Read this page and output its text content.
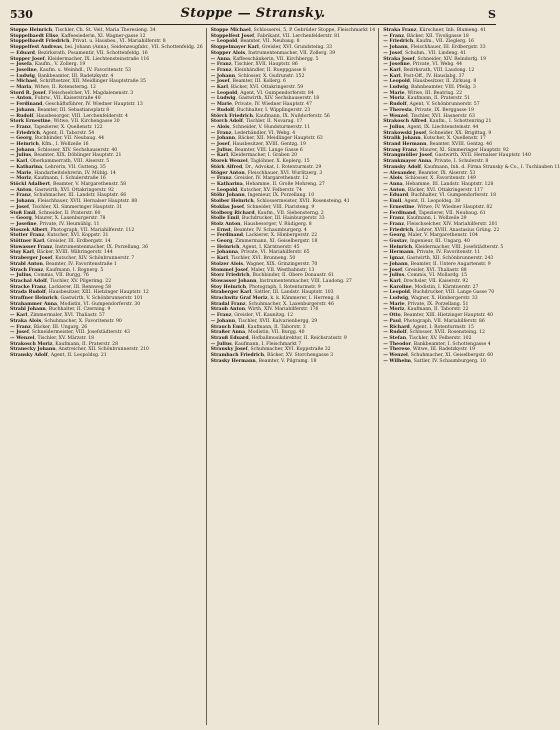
530	Stoppe — Stransky.	S
Stoppe Heinrich, Tischler, Ch. St. Veit, Maria Theresieng. 34
Stoppelbaedt Elise, Kaffeesiederin, XI. Wagner-gasse 12
Stoppelbaedt Friedrich, Privat. u. Hausbes., VI. Mariahilferstr. 8
Stoppelfest Andreas, bei. Johann (Anna), Seidenzeugfabr., VII. Schottenfeldg. 26
— Eduard, Bezirksrath, Posamentir, VII. Schottenfeldg. 16
Stopper Josef, Kleidermacher, IX. Liechtensteinstraße 116
— Josefa, Kaufm., V. Zollerg. 19
— Joseline, Kaufm. u. Weinhdl., IV. Favoritenstr. 53
— Ludwig, Bankbeamter, III. Radetzkystr. 4
— Michael, Schriftsetzer, XII. Meidlinger Hauptstraße 35
— Maria, Witwe, II. Rotensterng. 12
Stord R. Josef, Fleischselcher, VI. Magdalenenstr. 3
— Anton, Fuhrw., VII. Kaiserstraße 40
— Ferdinand, Geschäftsführer, IV. Wiedner Hauptstr. 13
— Johann, Beamter, III. Sebastiansplatz 8
— Rudolf, Hausbesorger, VIII. Lerchenfelderstr. 4
Stork Ernestine, Witwe, VII. Kirchengasse 30
— Franz, Tapezierer, X. Quellenstr. 122
— Friedrich, Agent, II. Taborstr. 54
— Georg, Buchbinder, VII. Neubaug. 44
— Heinrich, Kfm., I. Wollzeile 16
— Johann, Schlosser, XIV. Sechshauserstr. 40
— Julius, Beamter, XIX. Döblinger Hauptstr. 21
— Karl, Oberkammerrath, VIII. Alserstr. 5
— Katharina, Lehrerin, VII. Gutteng. 35
— Marie, Handarbeitslehrerin, IV. Mühlg. 14
— Moriz, Kaufmann, I. Schulerstraße 16
Stöckl Adalbert, Beamter, V. Margarethenstr. 58
— Anton, Gastwirth, XVI. Ottakringerstr. 92
— Franz, Schuhmacher, III. Landstr. Hauptstr. 66
— Johann, Fleischhauer, XVII. Hernalser Hauptstr. 88
— Josef, Tischler, XI. Simmeringer Hauptstr. 31
Stoß Emil, Schneider, II. Praterstr. 60
— Georg, Maurer, X. Laxenburgerstr. 78
— Josefine, Private, IV. Heumühlg. 11
Stoszek Albert, Photograph, VII. Mariahilferstr. 112
Stotter Franz, Kutscher, XVI. Koppstr. 31
Stöttner Karl, Greisler, III. Erdbergstr. 14
Stowasser Franz, Instrumentenmacher, IX. Porzellang. 36
Stoy Karl, Bäcker, XVIII. Währingerstr. 144
Straberger Josef, Kutscher, XIV. Schönbrunnerstr. 7
Strabl Anton, Beamter, IV. Favoritenstraße 1
Strach Franz, Kaufmann, I. Bognerg. 5
— Julius, Commis, VII. Burgg. 76
Strachal Adolf, Tischler, XV. Pilgerimg. 22
Stracke Franz, Lackierer, III. Rennweg 58
Strada Rudolf, Hausbesitzer, XIII. Hietzinger Hauptstr. 12
Straffner Heinrich, Gastwirth, V. Schönbrunnerstr. 101
Strahammer Anna, Modistin, VI. Gumpendorferstr. 30
Strahl Johann, Buchhalter, II. Czerning. 9
— Karl, Zimmermaler, XVI. Thaliastr. 57
Straka Alois, Schuhmacher, X. Favoritenstr. 90
— Franz, Bäcker, III. Ungarg. 26
— Josef, Schneidermeister, VIII. Josefstädterstr. 43
— Wenzel, Tischler, XV. Märzstr. 18
Strakosch Moriz, Kaufmann, II. Praterstr. 28
Stranecky Johann, Anstreicher, XII. Schönbrunnerstr. 210
Stransky Adolf, Agent, II. Leopoldsg. 21
Stoppe Michael, Schlosserei, 5, P. Gebrüder Stoppe, Fleischmarkt 14
Stoppelfest Josef, Fabrikant, VII. Lerchenfelderstr. 81
— Leopold, Beamter, VII. Neubaug. 8
Stoppelmayer Karl, Greisler, XVI. Grundsteing. 33
Stopper Alois, Instrumentenmacher, VII. Zollerg. 39
— Anna, Kaffeeschänkerin, VII. Kirchbergg. 5
— Franz, Tischler, XVII. Hauptstr. 86
— Franz, Kleinhändler, II. Rueppgasse 8
— Johann, Schlosser, X. Gudrunstr. 152
— Josef, Beamter, III. Kollerg. 6
— Karl, Bäcker, XVI. Ottakringerstr. 59
— Leopold, Agent, VI. Gumpendorferstr. 84
— Ludwig, Gastwirth, XIV. Sechshauserstr. 18
— Marie, Private, IV. Wiedner Hauptstr. 47
— Rudolf, Buchhalter, I. Wipplingerstr. 23
Störck Friedrich, Kaufmann, IX. Nußdorferstr. 56
Storch Adolf, Tischler, II. Novarag. 17
— Alois, Schneider, V. Hundsturmerstr. 11
— Franz, Lederhändler, VI. Webg. 4
— Johann, Bäcker, XII. Meidlinger Hauptstr. 63
— Josef, Hausbesitzer, XVIII. Gentzg. 19
— Julius, Beamter, VIII. Lange Gasse 6
— Karl, Kleidermacher, I. Graben 20
Storek Wenzel, Taglöhner, X. Keplerg. 15
Störk Alfred, Dr., Advokat, I. Rotenturmstr. 29
Stöger Anton, Fleischhauer, XVI. Wurlitzerg. 3
— Franz, Greisler, IV. Margarethenstr. 12
— Katharina, Hebamme, II. Große Mohreng. 27
— Leopold, Kutscher, XV. Felberstr. 74
Stöhr Johann, Ingenieur, IX. Porzellang. 10
Stoiber Heinrich, Schlossermeister, XVII. Rosensteing. 41
Stoklas Josef, Schneider, VIII. Piaristeng. 9
Stolberg Richard, Kaufm., VII. Siebensterng. 2
Stolle Emil, Buchdrucker, III. Hainburgerstr. 33
Stolz Anton, Hausbesorger, V. Rüdigerg. 8
— Ernst, Beamter, IV. Schaumburgerg. 4
— Ferdinand, Lackierer, X. Himbergerstr. 22
— Georg, Zimmermann, XI. Geiselbergstr. 18
— Heinrich, Agent, I. Kärntnerstr. 45
— Johanna, Private, VI. Mariahilferstr. 65
— Karl, Tischler, XVI. Brunneng. 50
Stolzer Alois, Wagner, XIX. Grinzingerstr. 70
Stommel Josef, Maler, VII. Westbahnstr. 13
Storz Friedrich, Buchbinder, II. Obere Donaustr. 61
Stowasser Johann, Instrumentenmacher, VIII. Laudong. 27
Stoy Heinrich, Photograph, I. Rotenturmstr. 9
Straberger Karl, Sattler, III. Landstr. Hauptstr. 103
Strachwitz Graf Moriz, k. k. Kämmerer, I. Herreng. 8
Stradal Franz, Schuhmacher, X. Laxenburgerstr. 46
Straub Anton, Wirth, XIV. Mariahilferstr. 176
— Franz, Greisler, VI. Kaunitzg. 12
— Johann, Tischler, XVII. Kalvarienbergg. 29
Strauch Emil, Kaufmann, II. Taborstr. 3
Straßer Anna, Modistin, VII. Burgg. 40
Strauß Eduard, Hofballmusikdirektor, II. Reichsratsstr. 9
— Julius, Kaufmann, I. Fleischmarkt 7
Stransky Josef, Schuhmacher, XVI. Koppstraße 32
Strambach Friedrich, Bäcker, XV. Storchengasse 3
Strasky Hermann, Beamter, V. Pilgramg. 18
Straka Franz, Kürschner, Inh. Blumeng. 41
— Franz, Bäcker, XII. Tivoligasse 18
— Friedrich, Kaufm., VII. Zieglerg. 16
— Johann, Fleischhauer, III. Erdbergstr. 33
— Josef, Schuhm., VII. Lindeng. 41
Straka Josef, Schneider, XIV. Reindorfg. 19
— Josefine, Private, VI. Webg. 44
— Karl, Bezirksrath, VIII. Laudong. 12
— Karl, Post-Off., IV. Hauslabg. 37
— Leopold, Hausbesitzer, II. Zirkusg. 8
— Ludwig, Bahnbeamter, VIII. Pfeilg. 3
— Marie, Witwe, III. Beatrixg. 22
— Moriz, Kaufmann, II. Praterstr. 51
— Rudolf, Agent, V. Schönbrunnerstr. 57
— Theresia, Private, IX. Berggasse 19
— Wenzel, Tischler, XVI. Hasnerstr. 63
Strakosch Alfred, Kaufm., I. Schottenring 21
— Julius, Agent, IX. Liechtensteinstr. 44
Strakowski Josef, Schneider, XX. Brigittag. 9
Stralik Johann, Kutscher, X. Quellenstr. 17
Strand Hermann, Beamter, XVIII. Gentzg. 46
Strang Franz, Maurer, XI. Simmeringer Hauptstr. 92
Strangmüller Josef, Gastwirth, XVII. Hernalser Hauptstr. 140
Strankmayer Anna, Private, I. Schulerstr. 8
Stransky Adolf, Kaufmann, Inh. d. Firma Stransky & Co., I. Tuchlauben 11
— Alexander, Beamter, IX. Alserstr. 53
— Alois, Schlosser, X. Favoritenstr. 149
— Anna, Hebamme, III. Landstr. Hauptstr. 128
— Anton, Bäcker, XVI. Ottakringerstr. 117
— Eduard, Buchhalter, VI. Gumpendorferstr. 18
— Emil, Agent, II. Leopoldsg. 38
— Ernestine, Witwe, IV. Wiedner Hauptstr. 82
— Ferdinand, Tapezierer, VII. Neubaug. 61
— Franz, Kaufmann, I. Wollzeile 29
— Franz, Fleischselcher, XIV. Mariahilferstr. 201
— Friedrich, Lehrer, XVIII. Anastasius Grüng. 22
— Georg, Maler, V. Margarethenstr. 104
— Gustav, Ingenieur, III. Ungarg. 40
— Heinrich, Kleidermacher, VIII. Josefstädterstr. 5
— Hermann, Private, IV. Favoritenstr. 11
— Ignaz, Gastwirth, XII. Schönbrunnerstr. 243
— Johann, Beamter, II. Untere Augartenstr. 9
— Josef, Greisler, XVI. Thaliastr. 88
— Julius, Commis, VI. Mollardg. 15
— Karl, Drechsler, VII. Kaiserstr. 92
— Karoline, Modistin, I. Kärntnerstr. 27
— Leopold, Buchdrucker, VIII. Lange Gasse 70
— Ludwig, Wagner, X. Himbergerstr. 33
— Marie, Private, IX. Porzellang. 51
— Moriz, Kaufmann, II. Taborstr. 22
— Otto, Beamter, XIII. Hietzinger Hauptstr. 40
— Paul, Photograph, VII. Mariahilferstr. 86
— Richard, Agent, I. Rotenturmstr. 15
— Rudolf, Schlosser, XVII. Rosensteing. 12
— Stefan, Tischler, XV. Felberstr. 102
— Theodor, Bankbeamter, I. Schottengasse 4
— Therese, Witwe, III. Radetzkystr. 19
— Wenzel, Schuhmacher, XI. Geiselbergstr. 60
— Wilhelm, Sattler, IV. Schaumburgerg. 10
